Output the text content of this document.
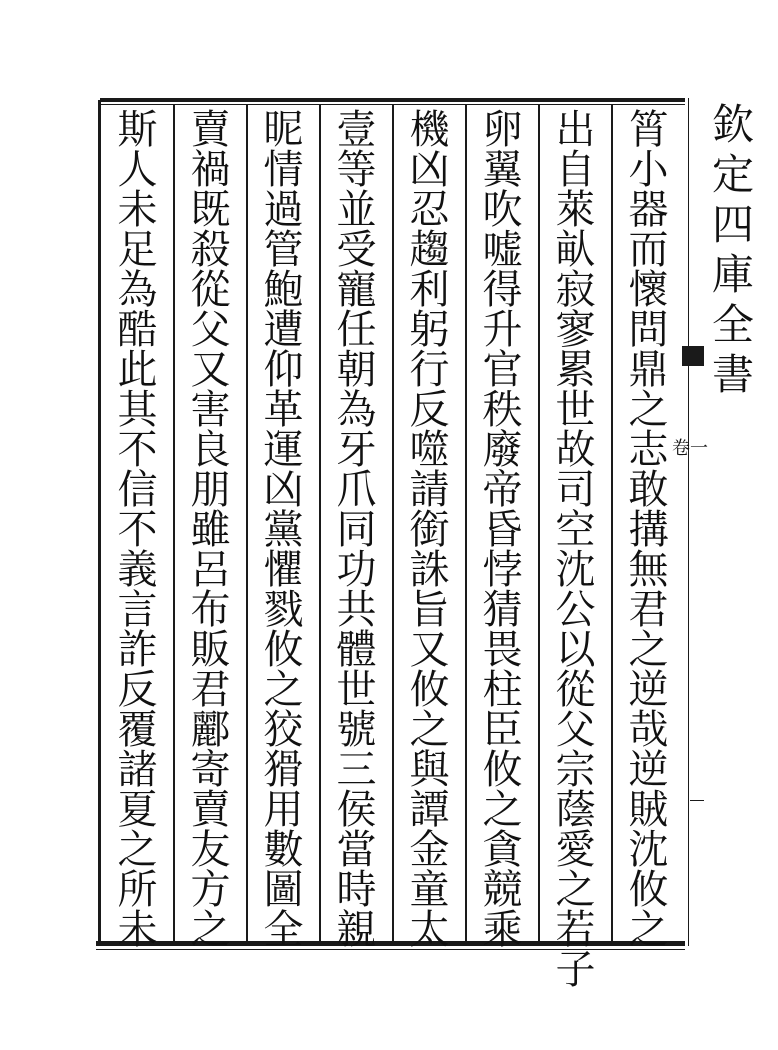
欽
定
四
庫
全
書
卷一
筲
小
器
而
懷
問
鼎
之
志
敢
搆
無
君
之
逆
哉
逆
賊
沈
攸
之
出
自
萊
畒
寂
寥
累
世
故
司
空
沈
公
以
從
父
宗
蔭
愛
之
若
子
卵
翼
吹
嘘
得
升
官
秩
廢
帝
昏
悖
猜
畏
柱
臣
攸
之
貪
競
乘
機
凶
忍
趨
利
躬
行
反
噬
請
銜
誅
旨
又
攸
之
與
譚
金
童
太
壹
等
並
受
寵
任
朝
為
牙
爪
同
功
共
體
世
號
三
侯
當
時
親
昵
情
過
管
鮑
遭
仰
革
運
凶
黨
懼
戮
攸
之
狡
猾
用
數
圖
全
賣
禍
既
殺
從
父
又
害
良
朋
雖
呂
布
販
君
酈
寄
賣
友
方
之
斯
人
未
足
為
酷
此
其
不
信
不
義
言
詐
反
覆
諸
夏
之
所
未
